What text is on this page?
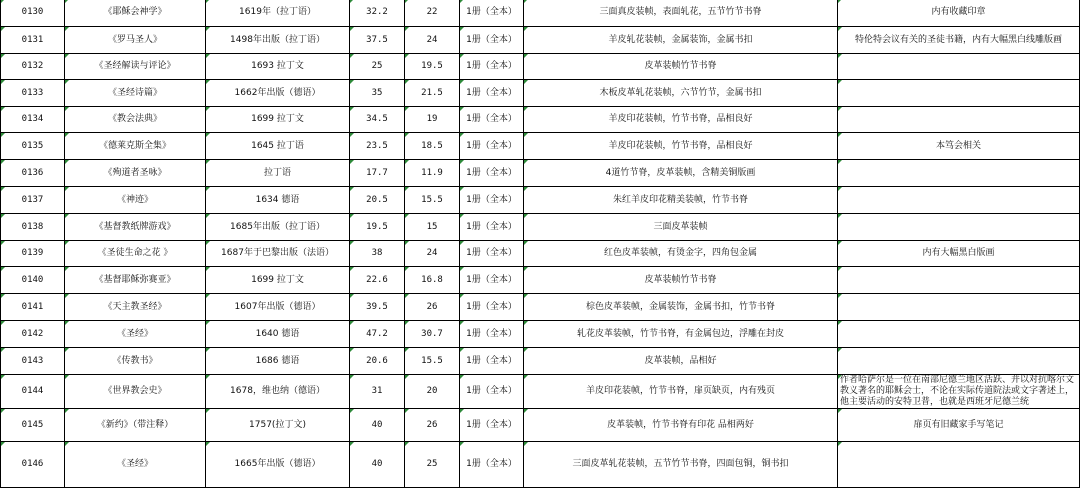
0130	《耶稣会神学》	1619年（拉丁语）	32.2	22	1册（全本）	三面真皮装帧，表面轧花，五节竹节书脊	内有收藏印章
0131	《罗马圣人》	1498年出版（拉丁语）	37.5	24	1册（全本）	羊皮轧花装帧，金属装饰，金属书扣	特伦特会议有关的圣徒书籍，内有大幅黑白线雕版画
0132	《圣经解读与评论》	1693 拉丁文	25	19.5	1册（全本）	皮革装帧竹节书脊	
0133	《圣经诗篇》	1662年出版（德语）	35	21.5	1册（全本）	木板皮革轧花装帧，六节竹节，金属书扣	
0134	《教会法典》	1699 拉丁文	34.5	19	1册（全本）	羊皮印花装帧，竹节书脊，品相良好	
0135	《德莱克斯全集》	1645 拉丁语	23.5	18.5	1册（全本）	羊皮印花装帧，竹节书脊，品相良好	本笃会相关
0136	《殉道者圣咏》	拉丁语	17.7	11.9	1册（全本）	4道竹节脊，皮革装帧，含精美铜版画	
0137	《神迹》	1634 德语	20.5	15.5	1册（全本）	朱红羊皮印花精美装帧，竹节书脊	
0138	《基督教纸牌游戏》	1685年出版（拉丁语）	19.5	15	1册（全本）	三面皮革装帧	
0139	《圣徒生命之花 》	1687年于巴黎出版（法语）	38	24	1册（全本）	红色皮革装帧，有烫金字，四角包金属	内有大幅黑白版画
0140	《基督耶稣弥赛亚》	1699 拉丁文	22.6	16.8	1册（全本）	皮革装帧竹节书脊	
0141	《天主教圣经》	1607年出版（德语）	39.5	26	1册（全本）	棕色皮革装帧，金属装饰，金属书扣，竹节书脊	
0142	《圣经》	1640 德语	47.2	30.7	1册（全本）	轧花皮革装帧，竹节书脊，有金属包边，浮雕在封皮	
0143	《传教书》	1686 德语	20.6	15.5	1册（全本）	皮革装帧，品相好	
0144	《世界教会史》	1678，维也纳（德语）	31	20	1册（全本）	羊皮印花装帧，竹节书脊，扉页缺页，内有残页	作者哈萨尔是一位在南部尼德兰地区活跃、并以对抗喀尔文教义著名的耶稣会士，不论在实际传道院法或文字著述上，他主要活动的安特卫普，也就是西班牙尼德兰统
0145	《新约》（带注释）	1757(拉丁文)	40	26	1册（全本）	皮革装帧，竹节书脊有印花 品相两好	扉页有旧藏家手写笔记
0146	《圣经》	1665年出版（德语）	40	25	1册（全本）	三面皮革轧花装帧，五节竹节书脊，四面包铜，铜书扣	
